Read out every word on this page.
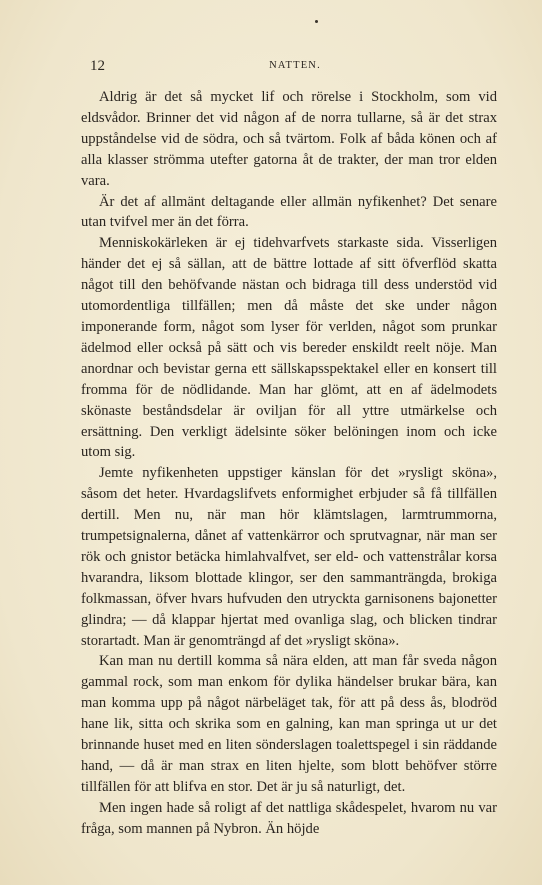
12	NATTEN.

Aldrig är det så mycket lif och rörelse i Stockholm, som vid eldsvådor. Brinner det vid någon af de norra tullarne, så är det strax uppståndelse vid de södra, och så tvärtom. Folk af båda könen och af alla klasser strömma utefter gatorna åt de trakter, der man tror elden vara.

Är det af allmänt deltagande eller allmän nyfikenhet? Det senare utan tvifvel mer än det förra.

Menniskokärleken är ej tidehvarfvets starkaste sida. Visserligen händer det ej så sällan, att de bättre lottade af sitt öfverflöd skatta något till den behöfvande nästan och bidraga till dess understöd vid utomordentliga tillfällen; men då måste det ske under någon imponerande form, något som lyser för verlden, något som prunkar ädelmod eller också på sätt och vis bereder enskildt reelt nöje. Man anordnar och bevistar gerna ett sällskapsspektakel eller en konsert till fromma för de nödlidande. Man har glömt, att en af ädelmodets skönaste beståndsdelar är oviljan för all yttre utmärkelse och ersättning. Den verkligt ädelsinte söker belöningen inom och icke utom sig.

Jemte nyfikenheten uppstiger känslan för det »rysligt sköna», såsom det heter. Hvardagslifvets enformighet erbjuder så få tillfällen dertill. Men nu, när man hör klämtslagen, larmtrummorna, trumpetsignalerna, dånet af vattenkärror och sprutvagnar, när man ser rök och gnistor betäcka himlahvalfvet, ser eld- och vattenstrålar korsa hvarandra, liksom blottade klingor, ser den sammanträngda, brokiga folkmassan, öfver hvars hufvuden den utryckta garnisonens bajonetter glindra; — då klappar hjertat med ovanliga slag, och blicken tindrar storartadt. Man är genomträngd af det »rysligt sköna».

Kan man nu dertill komma så nära elden, att man får sveda någon gammal rock, som man enkom för dylika händelser brukar bära, kan man komma upp på något närbeläget tak, för att på dess ås, blodröd hane lik, sitta och skrika som en galning, kan man springa ut ur det brinnande huset med en liten sönderslagen toalettspegel i sin räddande hand, — då är man strax en liten hjelte, som blott behöfver större tillfällen för att blifva en stor. Det är ju så naturligt, det.

Men ingen hade så roligt af det nattliga skådespelet, hvarom nu var fråga, som mannen på Nybron. Än höjde
